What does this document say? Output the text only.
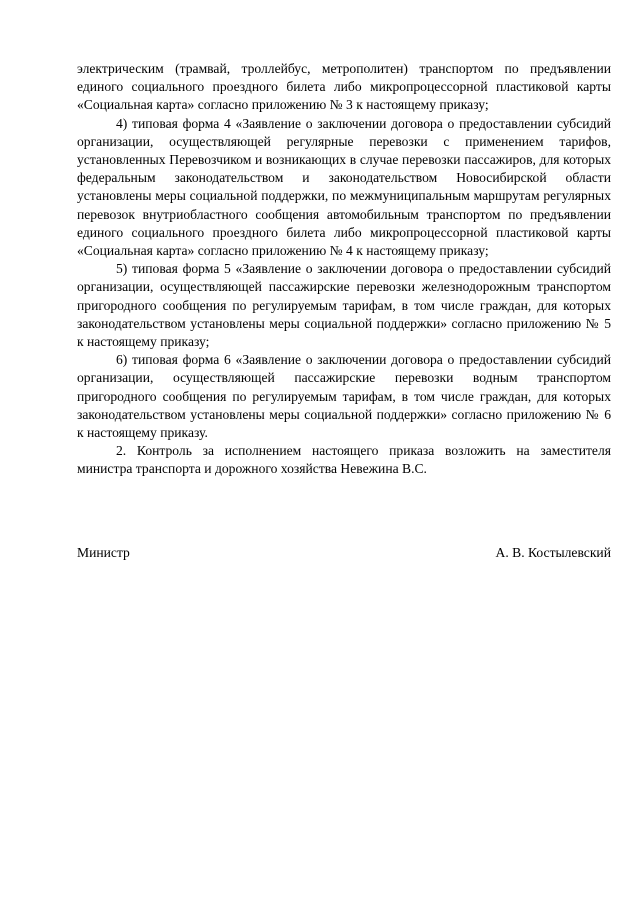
электрическим (трамвай, троллейбус, метрополитен) транспортом по предъявлении единого социального проездного билета либо микропроцессорной пластиковой карты «Социальная карта» согласно приложению № 3 к настоящему приказу;

4) типовая форма 4 «Заявление о заключении договора о предоставлении субсидий организации, осуществляющей регулярные перевозки с применением тарифов, установленных Перевозчиком и возникающих в случае перевозки пассажиров, для которых федеральным законодательством и законодательством Новосибирской области установлены меры социальной поддержки, по межмуниципальным маршрутам регулярных перевозок внутриобластного сообщения автомобильным транспортом по предъявлении единого социального проездного билета либо микропроцессорной пластиковой карты «Социальная карта» согласно приложению № 4 к настоящему приказу;

5) типовая форма 5 «Заявление о заключении договора о предоставлении субсидий организации, осуществляющей пассажирские перевозки железнодорожным транспортом пригородного сообщения по регулируемым тарифам, в том числе граждан, для которых законодательством установлены меры социальной поддержки» согласно приложению № 5 к настоящему приказу;

6) типовая форма 6 «Заявление о заключении договора о предоставлении субсидий организации, осуществляющей пассажирские перевозки водным транспортом пригородного сообщения по регулируемым тарифам, в том числе граждан, для которых законодательством установлены меры социальной поддержки» согласно приложению № 6 к настоящему приказу.

2. Контроль за исполнением настоящего приказа возложить на заместителя министра транспорта и дорожного хозяйства Невежина В.С.

Министр	А. В. Костылевский
